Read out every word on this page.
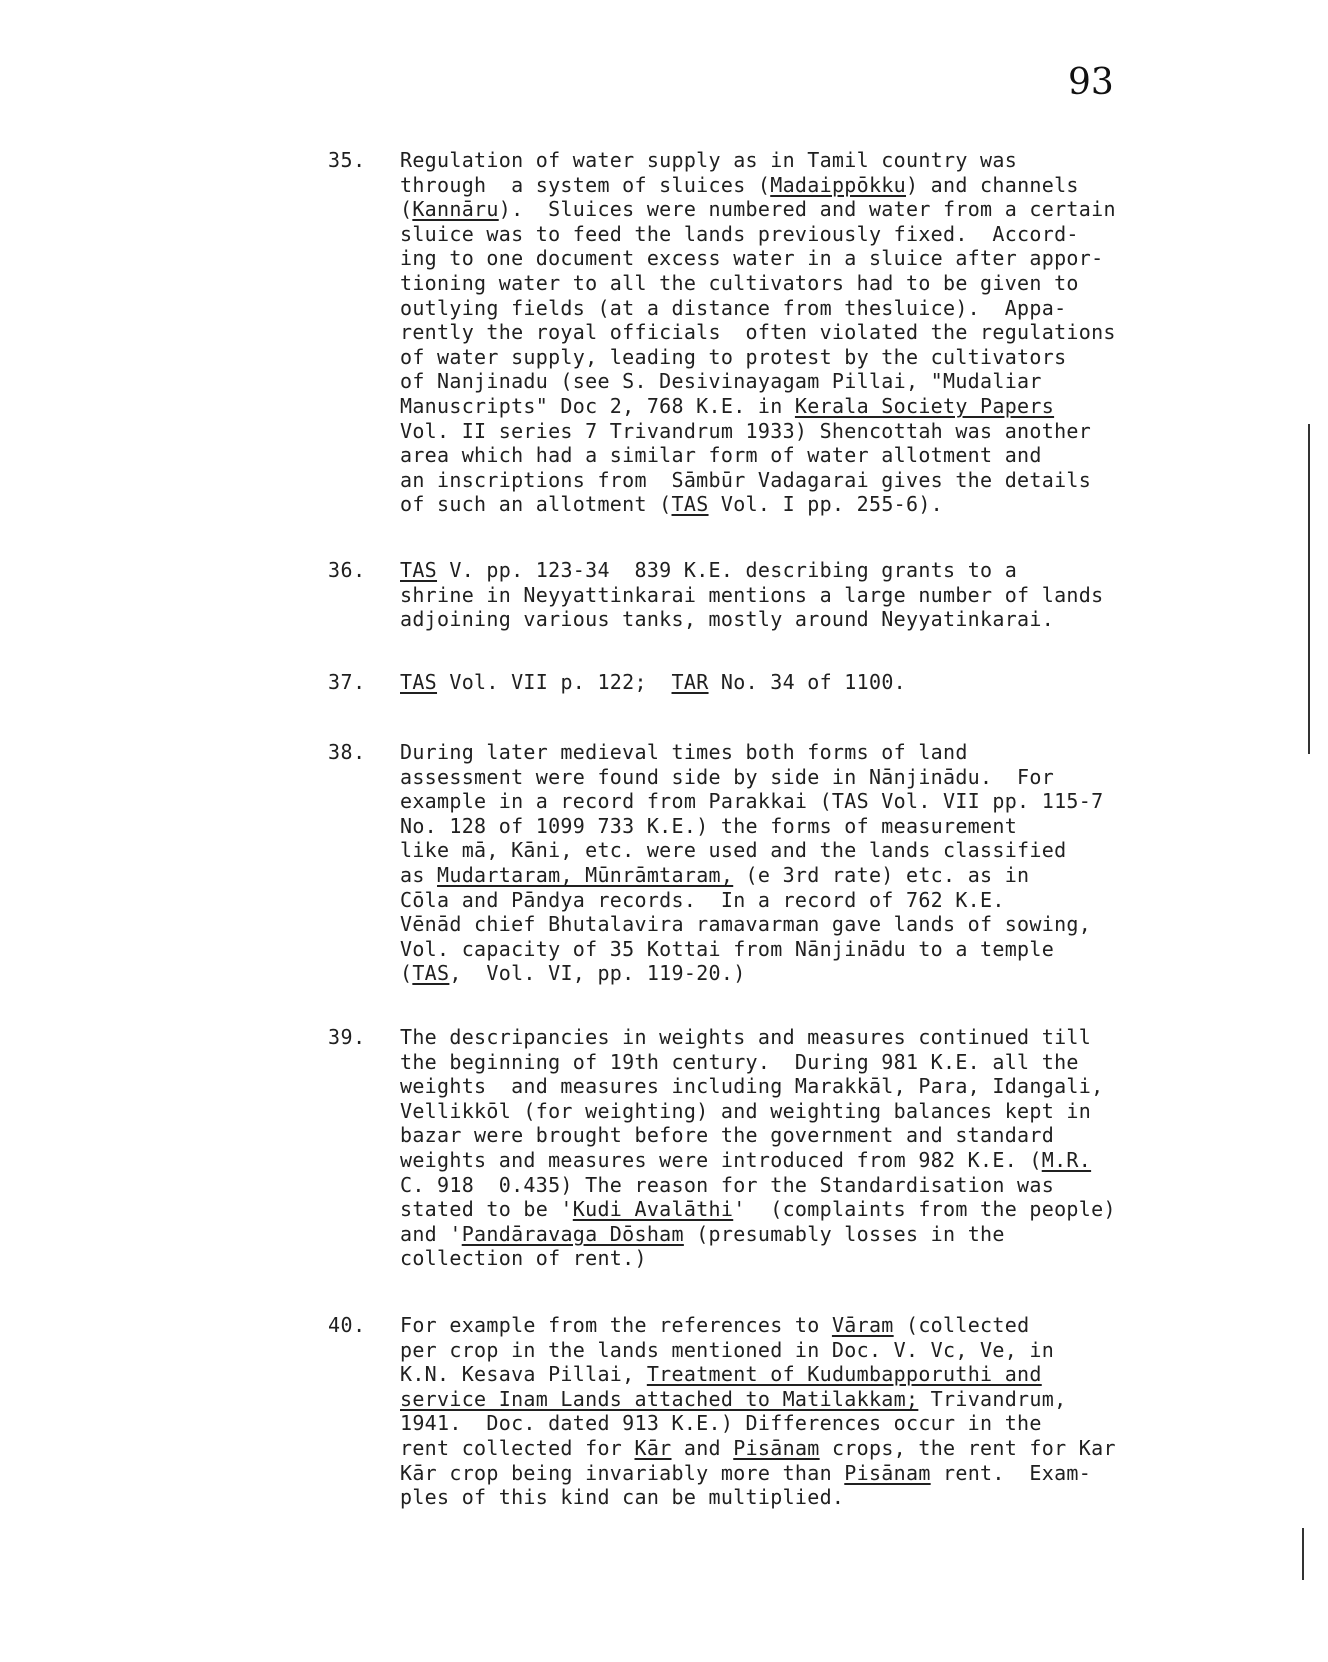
93
35. Regulation of water supply as in Tamil country was
through  a system of sluices (Madaippōkku) and channels
(Kannāru).  Sluices were numbered and water from a certain
sluice was to feed the lands previously fixed.  Accord-
ing to one document excess water in a sluice after appor-
tioning water to all the cultivators had to be given to
outlying fields (at a distance from thesluice).  Appa-
rently the royal officials  often violated the regulations
of water supply, leading to protest by the cultivators
of Nanjinadu (see S. Desivinayagam Pillai, "Mudaliar
Manuscripts" Doc 2, 768 K.E. in Kerala Society Papers
Vol. II series 7 Trivandrum 1933) Shencottah was another
area which had a similar form of water allotment and
an inscriptions from  Sāmbūr Vadagarai gives the details
of such an allotment (TAS Vol. I pp. 255-6).
36. TAS V. pp. 123-34  839 K.E. describing grants to a
shrine in Neyyattinkarai mentions a large number of lands
adjoining various tanks, mostly around Neyyatinkarai.
37. TAS Vol. VII p. 122;  TAR No. 34 of 1100.
38. During later medieval times both forms of land
assessment were found side by side in Nānjinādu.  For
example in a record from Parakkai (TAS Vol. VII pp. 115-7
No. 128 of 1099 733 K.E.) the forms of measurement
like mā, Kāni, etc. were used and the lands classified
as Mudartaram, Mūnrāmtaram, (e 3rd rate) etc. as in
Cōla and Pāndya records.  In a record of 762 K.E.
Vēnād chief Bhutalavira ramavarman gave lands of sowing,
Vol. capacity of 35 Kottai from Nānjinādu to a temple
(TAS,  Vol. VI, pp. 119-20.)
39. The descripancies in weights and measures continued till
the beginning of 19th century.  During 981 K.E. all the
weights  and measures including Marakkāl, Para, Idangali,
Vellikkōl (for weighting) and weighting balances kept in
bazar were brought before the government and standard
weights and measures were introduced from 982 K.E. (M.R.
C. 918  0.435) The reason for the Standardisation was
stated to be 'Kudi Avalāthi'  (complaints from the people)
and 'Pandāravaga Dōsham (presumably losses in the
collection of rent.)
40. For example from the references to Vāram (collected
per crop in the lands mentioned in Doc. V. Vc, Ve, in
K.N. Kesava Pillai, Treatment of Kudumbapporuthi and
service Inam Lands attached to Matilakkam; Trivandrum,
1941.  Doc. dated 913 K.E.) Differences occur in the
rent collected for Kār and Pisānam crops, the rent for Kar
Kār crop being invariably more than Pisānam rent.  Exam-
ples of this kind can be multiplied.
